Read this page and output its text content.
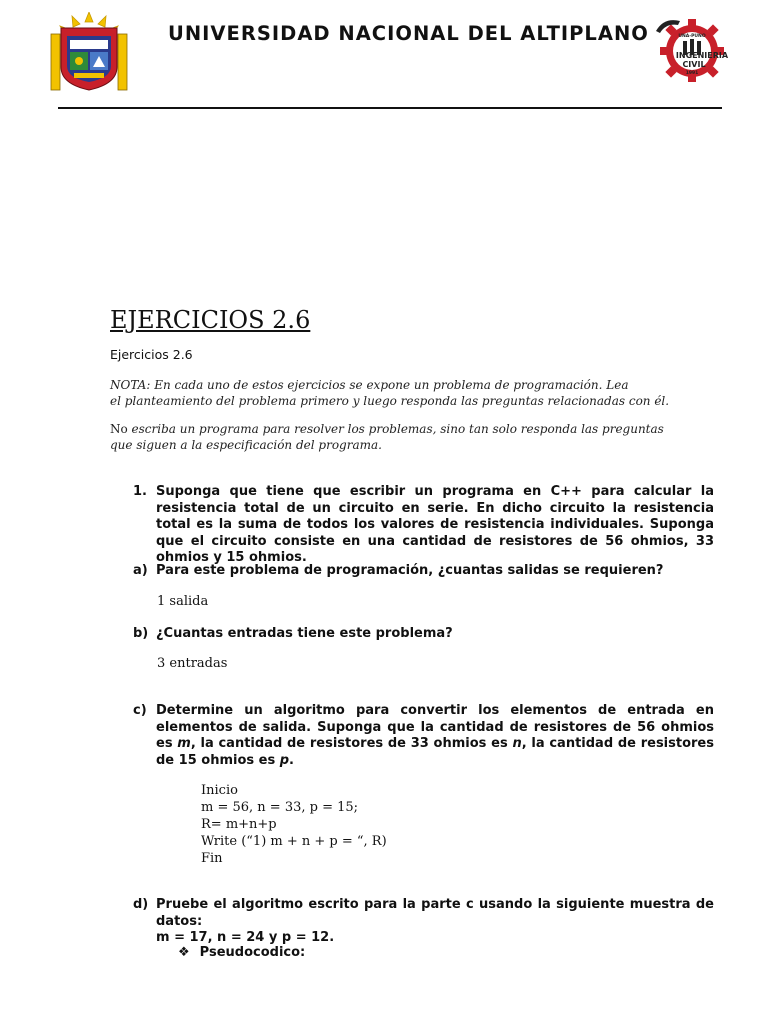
UNIVERSIDAD NACIONAL DEL ALTIPLANO	UNA-PUNO
INGENIERIA
CIVIL
1991
EJERCICIOS 2.6
Ejercicios 2.6
NOTA: En cada uno de estos ejercicios se expone un problema de programación. Lea
el planteamiento del problema primero y luego responda las preguntas relacionadas con él.
No escriba un programa para resolver los problemas, sino tan solo responda las preguntas
que siguen a la especificación del programa.
1. Suponga que tiene que escribir un programa en C++ para calcular la resistencia total de un circuito en serie. En dicho circuito la resistencia total es la suma de todos los valores de resistencia individuales. Suponga que el circuito consiste en una cantidad de resistores de 56 ohmios, 33 ohmios y 15 ohmios.
a) Para este problema de programación, ¿cuantas salidas se requieren?
1 salida
b) ¿Cuantas entradas tiene este problema?
3 entradas
c) Determine un algoritmo para convertir los elementos de entrada en elementos de salida. Suponga que la cantidad de resistores de 56 ohmios es m, la cantidad de resistores de 33 ohmios es n, la cantidad de resistores de 15 ohmios es p.
Inicio
m = 56, n = 33, p = 15;
R= m+n+p
Write (“1) m + n + p = “, R)
Fin
d) Pruebe el algoritmo escrito para la parte c usando la siguiente muestra de datos:
m = 17, n = 24 y p = 12.
❖ Pseudocodico:
